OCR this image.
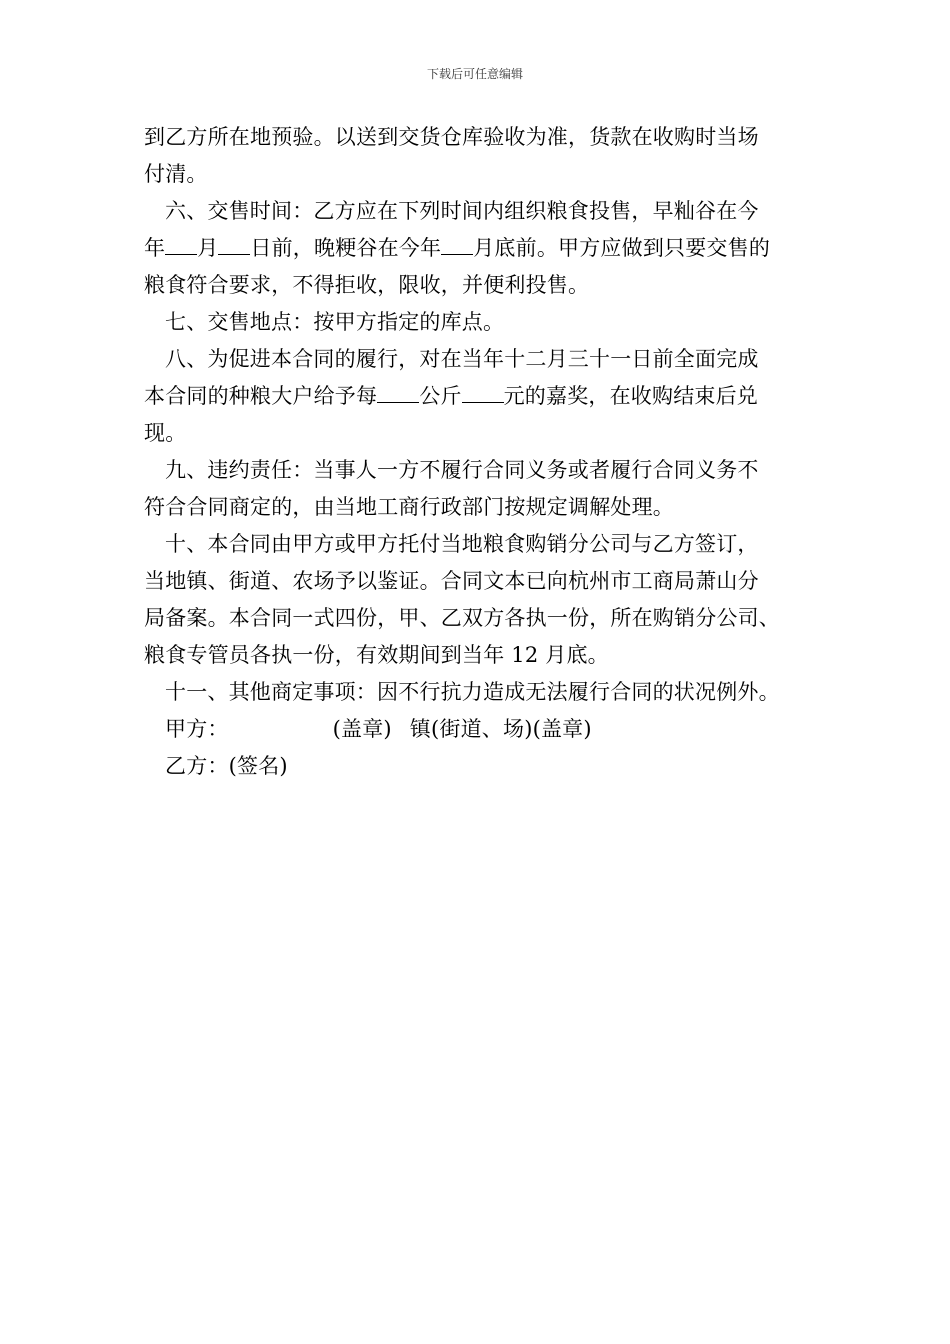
下载后可任意编辑
到乙方所在地预验。以送到交货仓库验收为准，货款在收购时当场
付清。
六、交售时间：乙方应在下列时间内组织粮食投售，早籼谷在今
年 月 日前，晚粳谷在今年 月底前。甲方应做到只要交售的
粮食符合要求，不得拒收，限收，并便利投售。
七、交售地点：按甲方指定的库点。
八、为促进本合同的履行，对在当年十二月三十一日前全面完成
本合同的种粮大户给予每 公斤 元的嘉奖，在收购结束后兑
现。
九、违约责任：当事人一方不履行合同义务或者履行合同义务不
符合合同商定的，由当地工商行政部门按规定调解处理。
十、本合同由甲方或甲方托付当地粮食购销分公司与乙方签订，
当地镇、街道、农场予以鉴证。合同文本已向杭州市工商局萧山分
局备案。本合同一式四份，甲、乙双方各执一份，所在购销分公司、
粮食专管员各执一份，有效期间到当年 12 月底。
十一、其他商定事项：因不行抗力造成无法履行合同的状况例外。
甲方：	(盖章) 镇(街道、场)(盖章)
乙方：(签名)
